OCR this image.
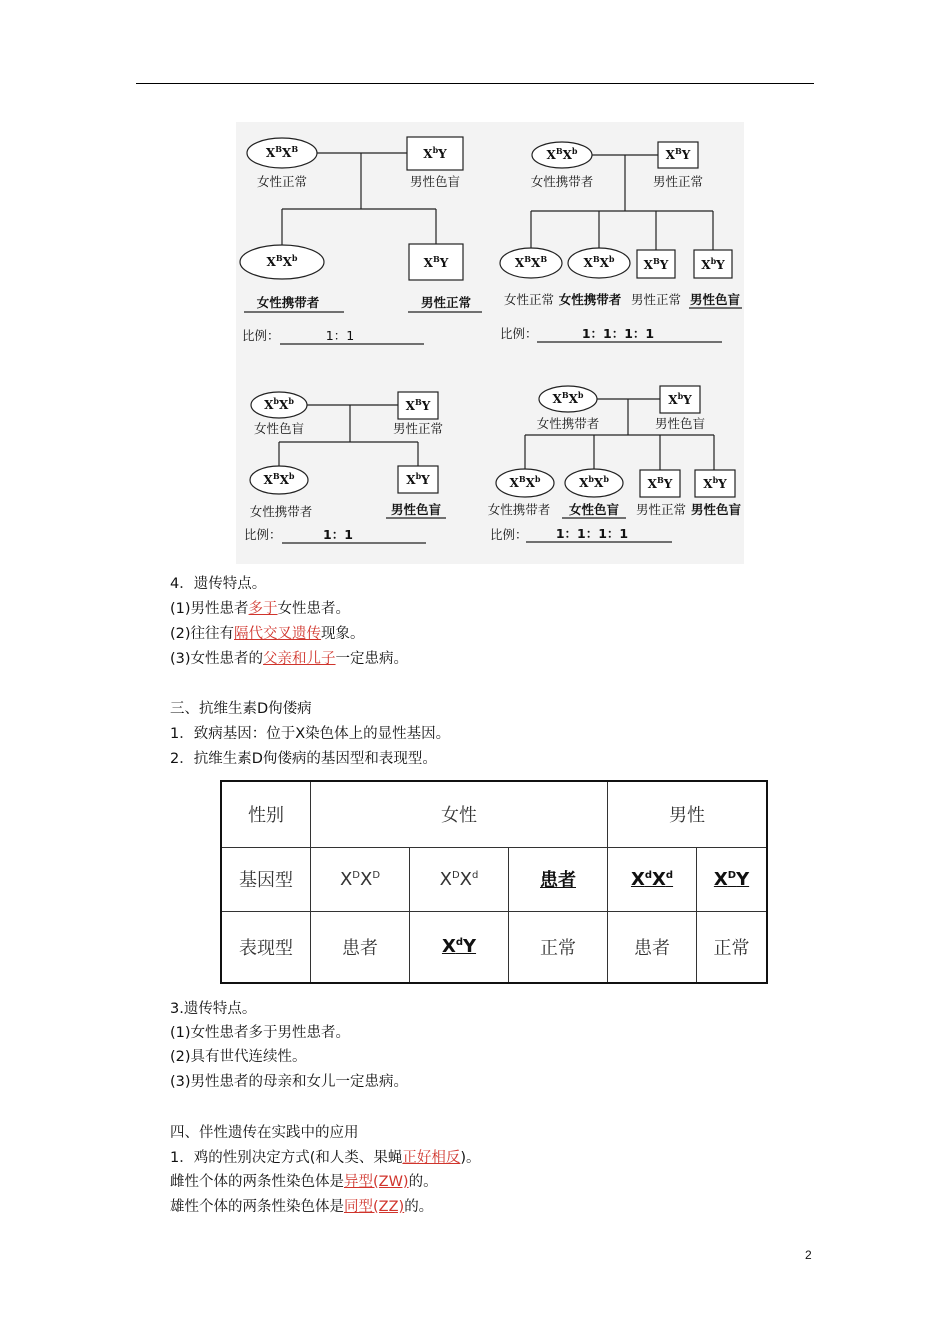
$X^BX^B$
女性正常
$X^bY$
男性色盲
$X^BX^b$	$X^BY$
女性携带者	男性正常
比例：	1：1
$X^BX^b$
女性携带者
$X^BY$
男性正常
$X^BX^B$	$X^BX^b$ $X^BY$	$X^bY$
女性正常 女性携带者 男性正常 男性色盲
比例：	1：1：1：1
$X^bX^b$
女性色盲
$X^BY$
男性正常
$X^BX^b$	$X^bY$
女性携带者	男性色盲
比例：	1：1
$X^BX^b$
女性携带者
$X^bY$
男性色盲
$X^BX^b$	$X^bX^b$	$X^BY$	$X^bY$
女性携带者 女性色盲 男性正常 男性色盲
比例： 1：1：1：1
4．遗传特点。
(1)男性患者多于女性患者。
(2)往往有隔代交叉遗传现象。
(3)女性患者的父亲和儿子一定患病。
三、抗维生素D佝偻病
1．致病基因：位于X染色体上的显性基因。
2．抗维生素D佝偻病的基因型和表现型。
性别	女性			男性	
基因型	$X^DX^D$	$X^DX^d$	患者	$X^dX^d$	$X^DY$
表现型	患者	$X^dY$	正常	患者	正常
3.遗传特点。
(1)女性患者多于男性患者。
(2)具有世代连续性。
(3)男性患者的母亲和女儿一定患病。
四、伴性遗传在实践中的应用
1．鸡的性别决定方式(和人类、果蝇正好相反)。
雌性个体的两条性染色体是异型(ZW)的。
雄性个体的两条性染色体是同型(ZZ)的。
2
